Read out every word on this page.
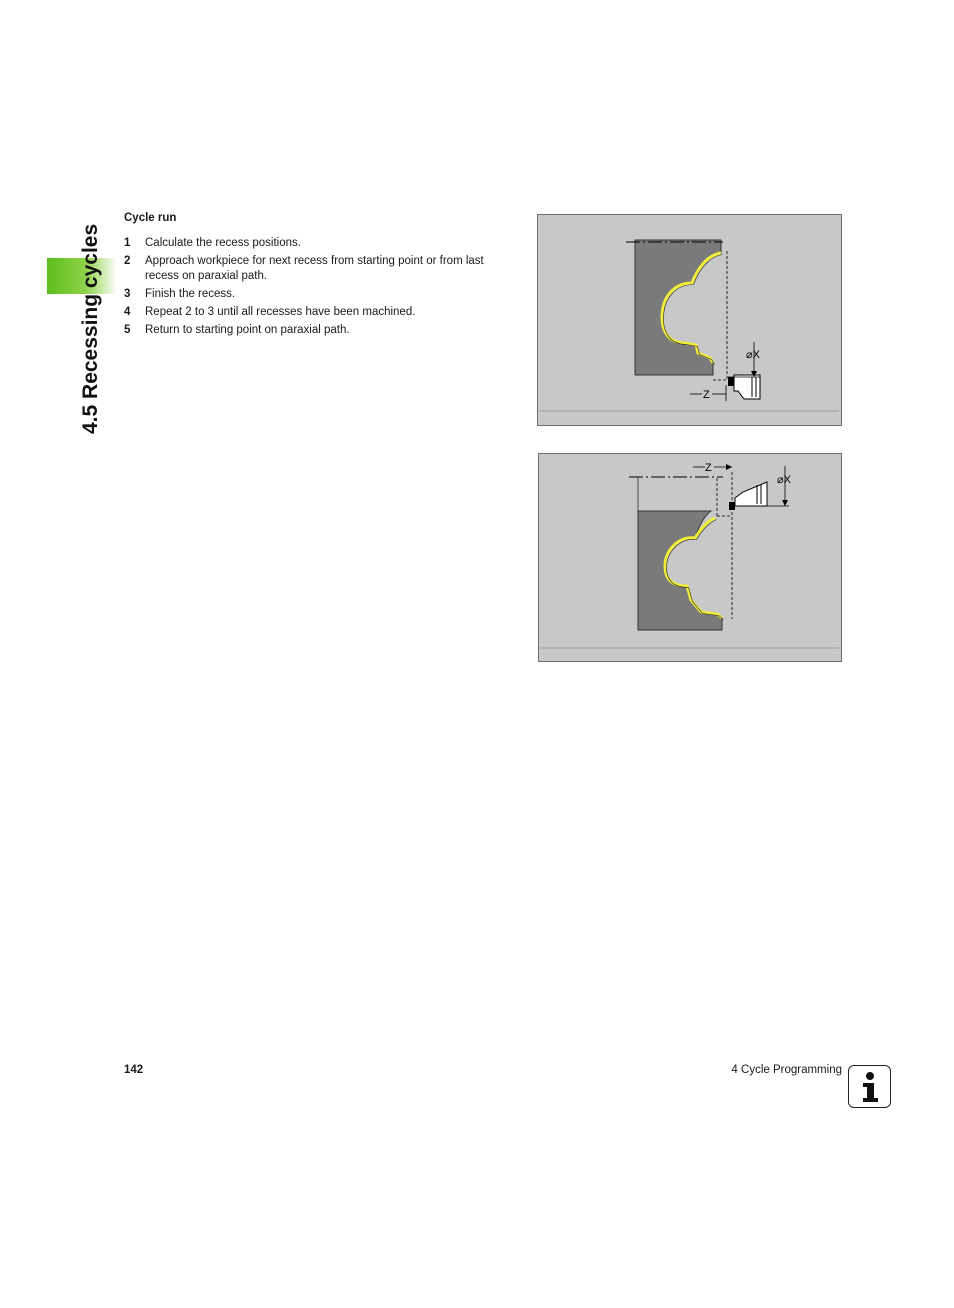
4.5 Recessing cycles
Cycle run
1	Calculate the recess positions.
2	Approach workpiece for next recess from starting point or from last recess on paraxial path.
3	Finish the recess.
4	Repeat 2 to 3 until all recesses have been machined.
5	Return to starting point on paraxial path.
⌀X
Z
⌀X
Z
142	4 Cycle Programming
